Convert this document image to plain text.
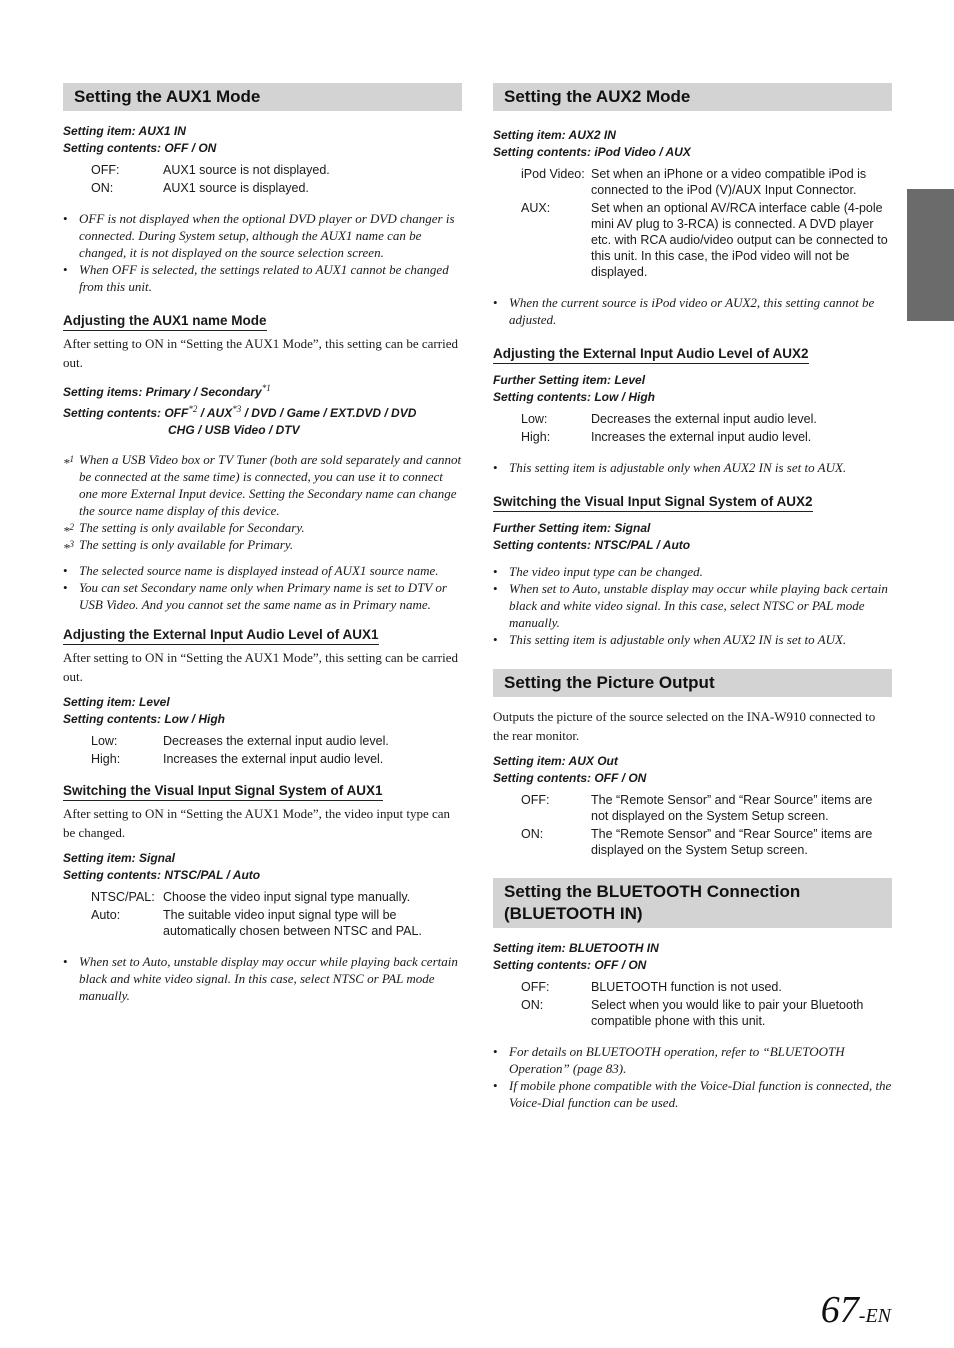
Setting the AUX1 Mode
Setting item: AUX1 IN
Setting contents: OFF / ON
OFF:	AUX1 source is not displayed.
ON:	AUX1 source is displayed.
• OFF is not displayed when the optional DVD player or DVD changer is connected. During System setup, although the AUX1 name can be changed, it is not displayed on the source selection screen.
• When OFF is selected, the settings related to AUX1 cannot be changed from this unit.
Adjusting the AUX1 name Mode

After setting to ON in “Setting the AUX1 Mode”, this setting can be carried out.

Setting items: Primary / Secondary$^{*1}$
Setting contents: OFF$^{*2}$ / AUX$^{*3}$ / DVD / Game / EXT.DVD / DVD
CHG / USB Video / DTV
*$^1$ When a USB Video box or TV Tuner (both are sold separately and cannot be connected at the same time) is connected, you can use it to connect one more External Input device. Setting the Secondary name can change the source name display of this device.
*$^2$ The setting is only available for Secondary.
*$^3$ The setting is only available for Primary.
• The selected source name is displayed instead of AUX1 source name.
• You can set Secondary name only when Primary name is set to DTV or USB Video. And you cannot set the same name as in Primary name.
Adjusting the External Input Audio Level of AUX1

After setting to ON in “Setting the AUX1 Mode”, this setting can be carried out.

Setting item: Level
Setting contents: Low / High
Low:	Decreases the external input audio level.
High:	Increases the external input audio level.
Switching the Visual Input Signal System of AUX1

After setting to ON in “Setting the AUX1 Mode”, the video input type can be changed.

Setting item: Signal
Setting contents: NTSC/PAL / Auto
NTSC/PAL: Choose the video input signal type manually.
Auto:	The suitable video input signal type will be automatically chosen between NTSC and PAL.
• When set to Auto, unstable display may occur while playing back certain black and white video signal. In this case, select NTSC or PAL mode manually.
Setting the AUX2 Mode
Setting item: AUX2 IN
Setting contents: iPod Video / AUX
iPod Video: Set when an iPhone or a video compatible iPod is connected to the iPod (V)/AUX Input Connector.
AUX:	Set when an optional AV/RCA interface cable (4-pole mini AV plug to 3-RCA) is connected. A DVD player etc. with RCA audio/video output can be connected to this unit. In this case, the iPod video will not be displayed.
• When the current source is iPod video or AUX2, this setting cannot be adjusted.
Adjusting the External Input Audio Level of AUX2
Further Setting item: Level
Setting contents: Low / High
Low:	Decreases the external input audio level.
High:	Increases the external input audio level.
• This setting item is adjustable only when AUX2 IN is set to AUX.
Switching the Visual Input Signal System of AUX2
Further Setting item: Signal
Setting contents: NTSC/PAL / Auto
• The video input type can be changed.
• When set to Auto, unstable display may occur while playing back certain black and white video signal. In this case, select NTSC or PAL mode manually.
• This setting item is adjustable only when AUX2 IN is set to AUX.
Setting the Picture Output

Outputs the picture of the source selected on the INA-W910 connected to the rear monitor.

Setting item: AUX Out
Setting contents: OFF / ON
OFF:	The “Remote Sensor” and “Rear Source” items are not displayed on the System Setup screen.
ON:	The “Remote Sensor” and “Rear Source” items are displayed on the System Setup screen.
Setting the BLUETOOTH Connection
(BLUETOOTH IN)
Setting item: BLUETOOTH IN
Setting contents: OFF / ON
OFF:	BLUETOOTH function is not used.
ON:	Select when you would like to pair your Bluetooth compatible phone with this unit.
• For details on BLUETOOTH operation, refer to “BLUETOOTH Operation” (page 83).
• If mobile phone compatible with the Voice-Dial function is connected, the Voice-Dial function can be used.
67-EN
